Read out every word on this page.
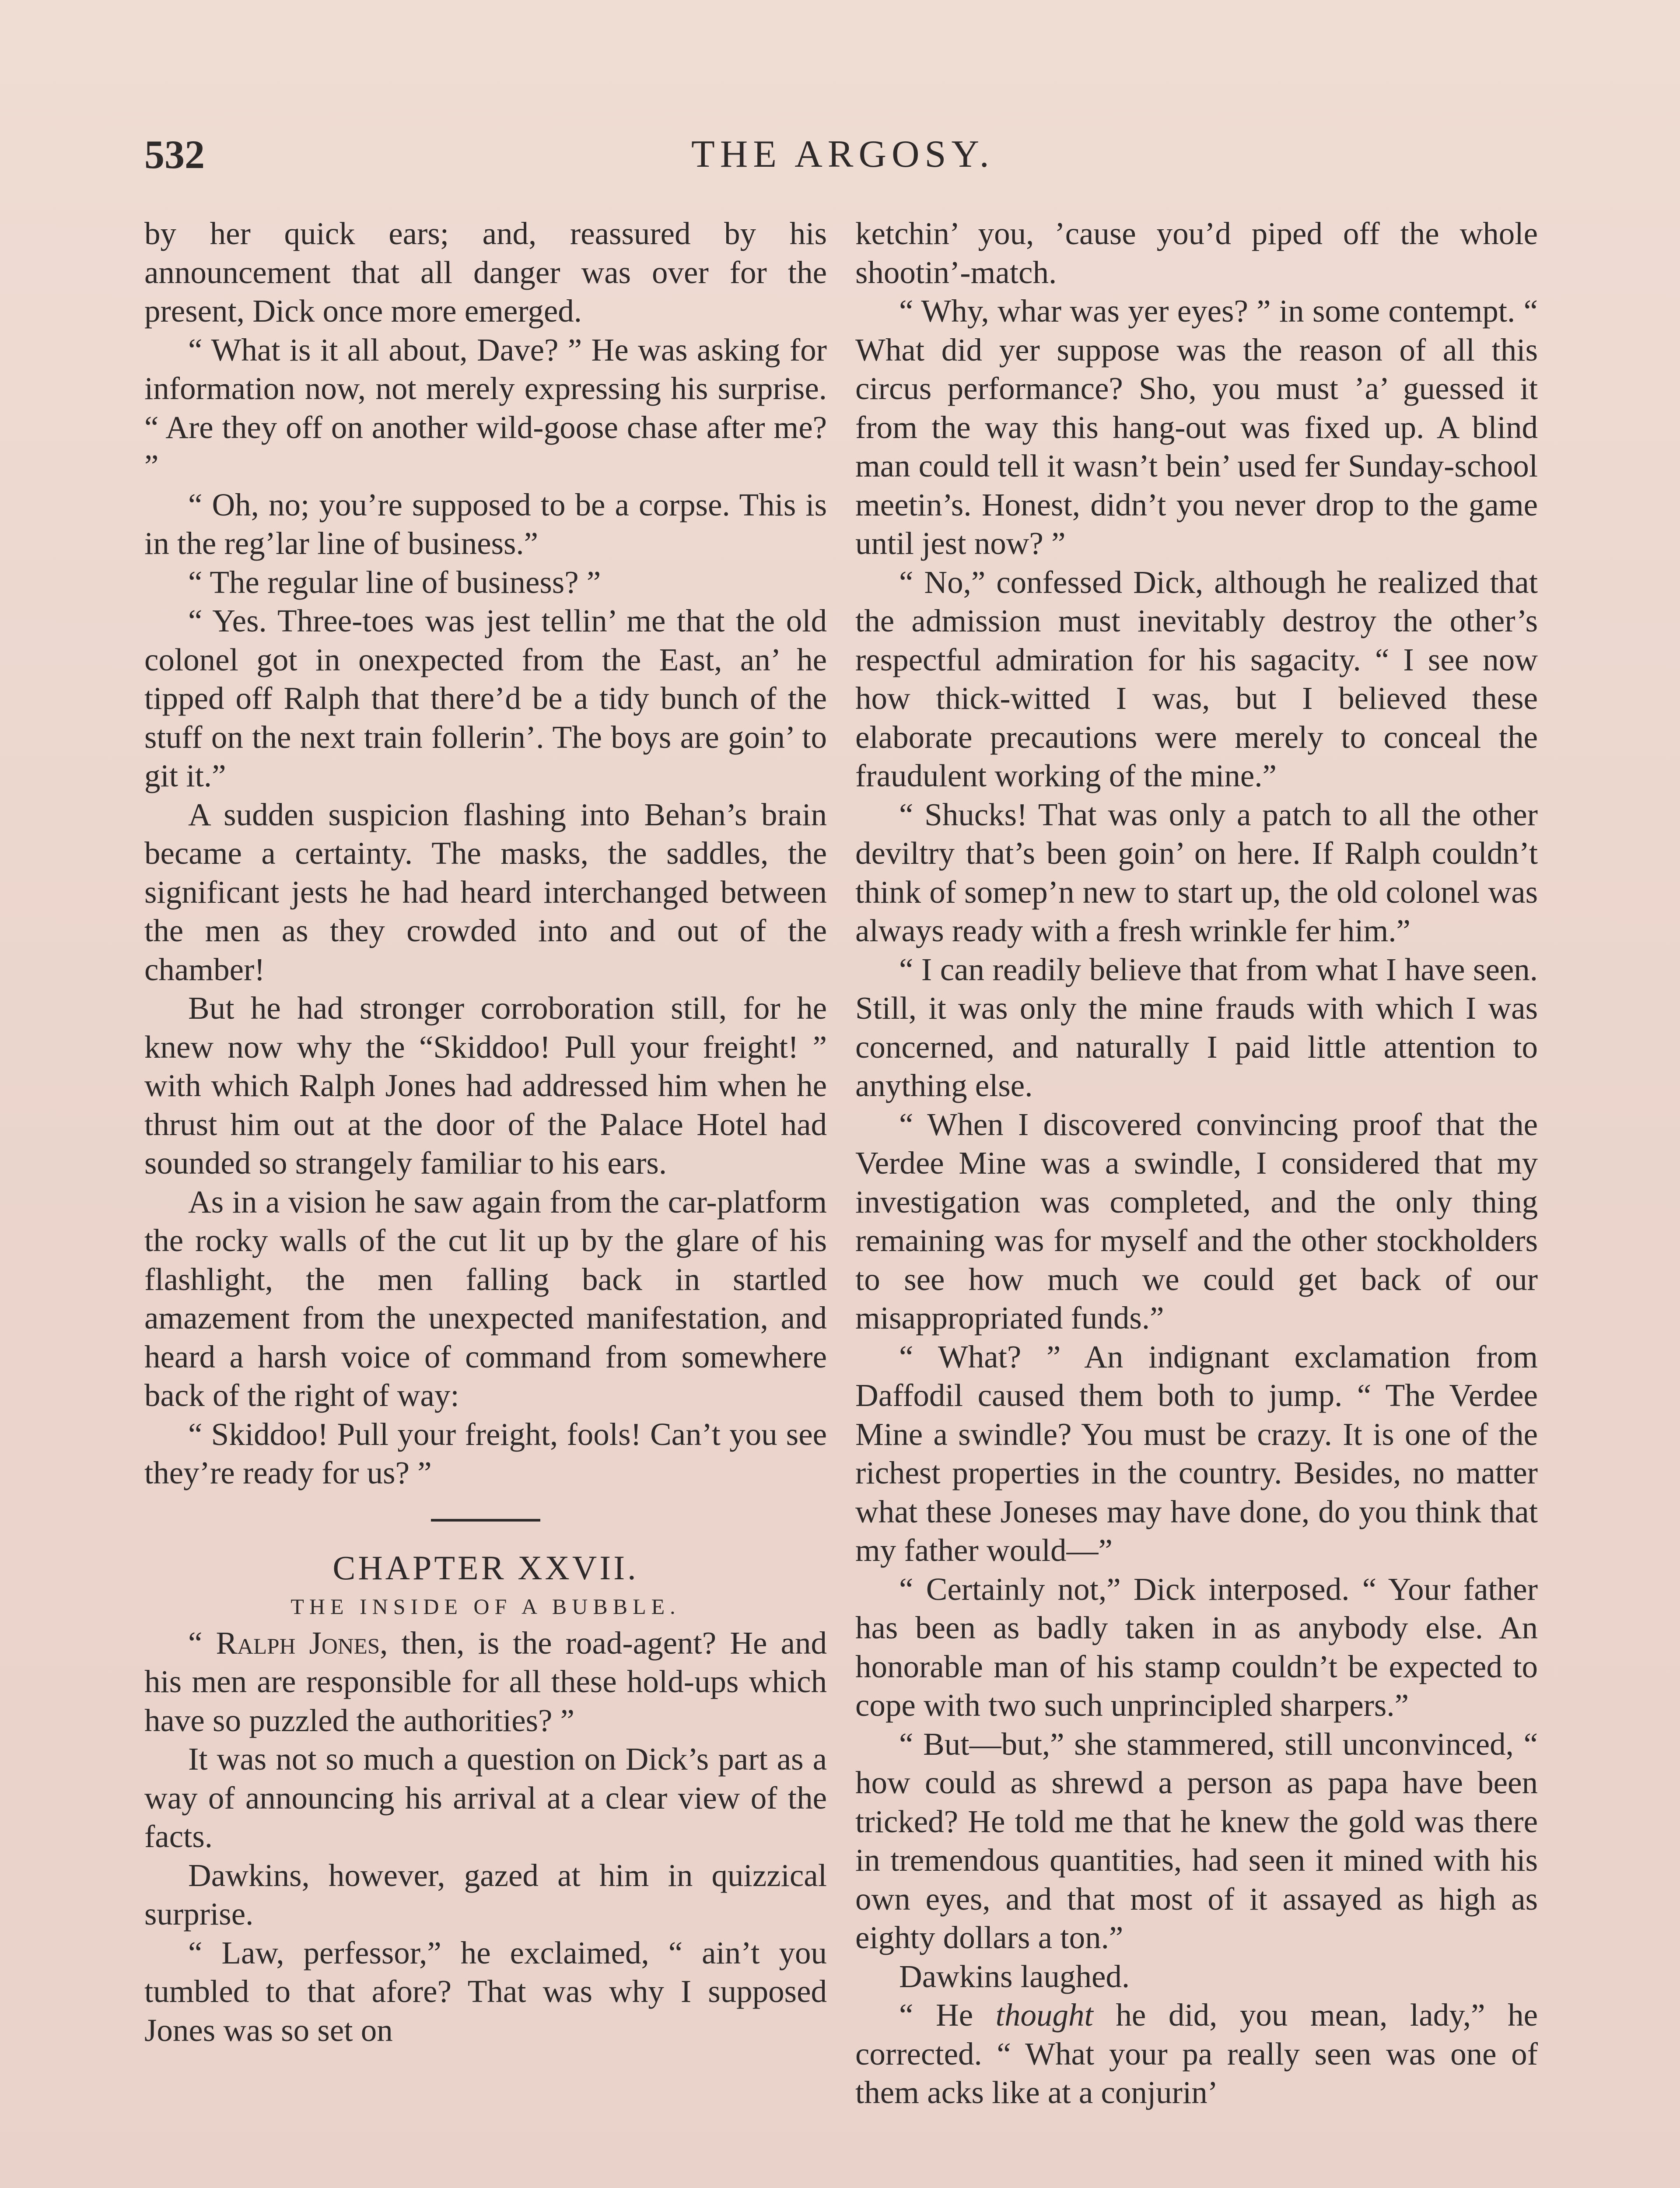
532	THE ARGOSY.

by her quick ears; and, reassured by his announcement that all danger was over for the present, Dick once more emerged.

“ What is it all about, Dave? ” He was asking for information now, not merely expressing his surprise. “ Are they off on another wild-goose chase after me? ”

“ Oh, no; you’re supposed to be a corpse. This is in the reg’lar line of business.”

“ The regular line of business? ”

“ Yes. Three-toes was jest tellin’ me that the old colonel got in onexpected from the East, an’ he tipped off Ralph that there’d be a tidy bunch of the stuff on the next train follerin’. The boys are goin’ to git it.”

A sudden suspicion flashing into Behan’s brain became a certainty. The masks, the saddles, the significant jests he had heard interchanged between the men as they crowded into and out of the chamber!

But he had stronger corroboration still, for he knew now why the “Skiddoo! Pull your freight! ” with which Ralph Jones had addressed him when he thrust him out at the door of the Palace Hotel had sounded so strangely familiar to his ears.

As in a vision he saw again from the car-platform the rocky walls of the cut lit up by the glare of his flashlight, the men falling back in startled amazement from the unexpected manifestation, and heard a harsh voice of command from somewhere back of the right of way:

“ Skiddoo! Pull your freight, fools! Can’t you see they’re ready for us? ”

CHAPTER XXVII.

THE INSIDE OF A BUBBLE.

“ Ralph Jones, then, is the road-agent? He and his men are responsible for all these hold-ups which have so puzzled the authorities? ”

It was not so much a question on Dick’s part as a way of announcing his arrival at a clear view of the facts.

Dawkins, however, gazed at him in quizzical surprise.

“ Law, perfessor,” he exclaimed, “ ain’t you tumbled to that afore? That was why I supposed Jones was so set on

ketchin’ you, ’cause you’d piped off the whole shootin’-match.

“ Why, whar was yer eyes? ” in some contempt. “ What did yer suppose was the reason of all this circus performance? Sho, you must ’a’ guessed it from the way this hang-out was fixed up. A blind man could tell it wasn’t bein’ used fer Sunday-school meetin’s. Honest, didn’t you never drop to the game until jest now? ”

“ No,” confessed Dick, although he realized that the admission must inevitably destroy the other’s respectful admiration for his sagacity. “ I see now how thick-witted I was, but I believed these elaborate precautions were merely to conceal the fraudulent working of the mine.”

“ Shucks! That was only a patch to all the other deviltry that’s been goin’ on here. If Ralph couldn’t think of somep’n new to start up, the old colonel was always ready with a fresh wrinkle fer him.”

“ I can readily believe that from what I have seen. Still, it was only the mine frauds with which I was concerned, and naturally I paid little attention to anything else.

“ When I discovered convincing proof that the Verdee Mine was a swindle, I considered that my investigation was completed, and the only thing remaining was for myself and the other stockholders to see how much we could get back of our misappropriated funds.”

“ What? ” An indignant exclamation from Daffodil caused them both to jump. “ The Verdee Mine a swindle? You must be crazy. It is one of the richest properties in the country. Besides, no matter what these Joneses may have done, do you think that my father would—”

“ Certainly not,” Dick interposed. “ Your father has been as badly taken in as anybody else. An honorable man of his stamp couldn’t be expected to cope with two such unprincipled sharpers.”

“ But—but,” she stammered, still unconvinced, “ how could as shrewd a person as papa have been tricked? He told me that he knew the gold was there in tremendous quantities, had seen it mined with his own eyes, and that most of it assayed as high as eighty dollars a ton.”

Dawkins laughed.

“ He thought he did, you mean, lady,” he corrected. “ What your pa really seen was one of them acks like at a conjurin’
